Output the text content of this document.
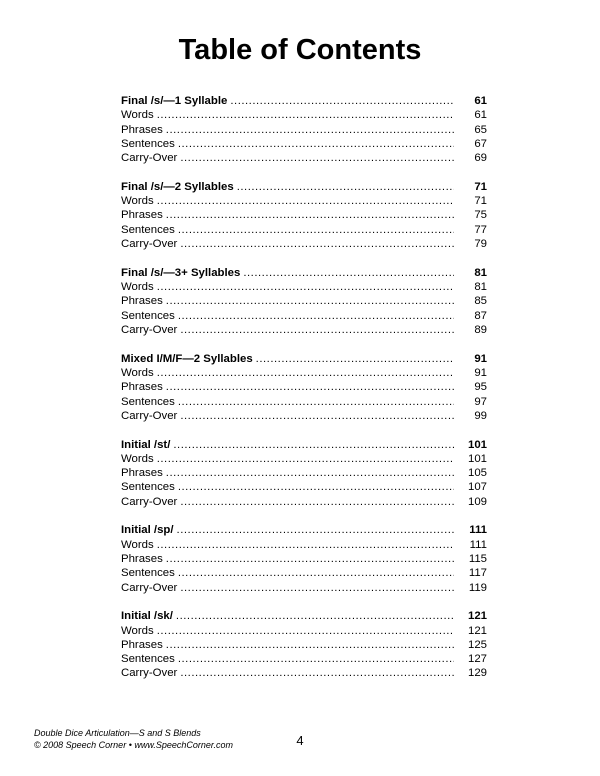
Table of Contents
Final /s/—1 Syllable .....	61
Words .....	61
Phrases .....	65
Sentences .....	67
Carry-Over .....	69
Final /s/—2 Syllables .....	71
Words .....	71
Phrases .....	75
Sentences .....	77
Carry-Over .....	79
Final /s/—3+ Syllables .....	81
Words .....	81
Phrases .....	85
Sentences .....	87
Carry-Over .....	89
Mixed I/M/F—2 Syllables .....	91
Words .....	91
Phrases .....	95
Sentences .....	97
Carry-Over .....	99
Initial /st/ .....	101
Words .....	101
Phrases .....	105
Sentences .....	107
Carry-Over .....	109
Initial /sp/ .....	111
Words .....	111
Phrases .....	115
Sentences .....	117
Carry-Over .....	119
Initial /sk/ .....	121
Words .....	121
Phrases .....	125
Sentences .....	127
Carry-Over .....	129
Double Dice Articulation—S and S Blends
© 2008 Speech Corner • www.SpeechCorner.com	4
